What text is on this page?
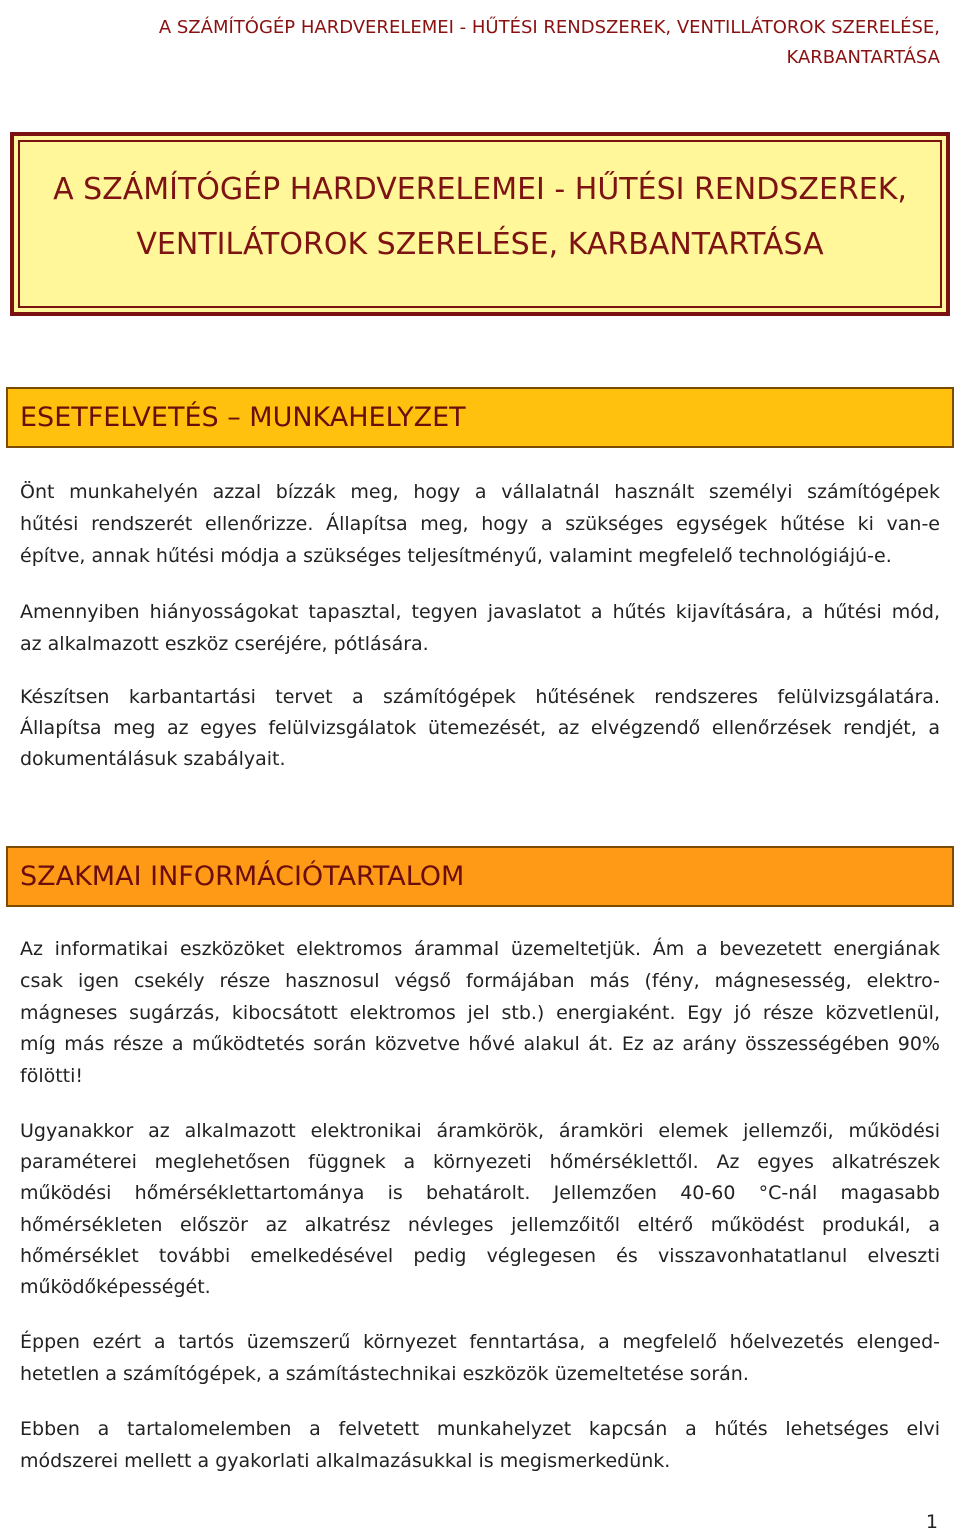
A SZÁMÍTÓGÉP HARDVERELEMEI - HŰTÉSI RENDSZEREK, VENTILLÁTOROK SZERELÉSE,
KARBANTARTÁSA
A SZÁMÍTÓGÉP HARDVERELEMEI - HŰTÉSI RENDSZEREK,
VENTILÁTOROK SZERELÉSE, KARBANTARTÁSA
ESETFELVETÉS – MUNKAHELYZET
Önt munkahelyén azzal bízzák meg, hogy a vállalatnál használt személyi számítógépek
hűtési rendszerét ellenőrizze. Állapítsa meg, hogy a szükséges egységek hűtése ki van-e
építve, annak hűtési módja a szükséges teljesítményű, valamint megfelelő technológiájú-e.
Amennyiben hiányosságokat tapasztal, tegyen javaslatot a hűtés kijavítására, a hűtési mód,
az alkalmazott eszköz cseréjére, pótlására.
Készítsen karbantartási tervet a számítógépek hűtésének rendszeres felülvizsgálatára.
Állapítsa meg az egyes felülvizsgálatok ütemezését, az elvégzendő ellenőrzések rendjét, a
dokumentálásuk szabályait.
SZAKMAI INFORMÁCIÓTARTALOM
Az informatikai eszközöket elektromos árammal üzemeltetjük. Ám a bevezetett energiának
csak igen csekély része hasznosul végső formájában más (fény, mágnesesség, elektro-
mágneses sugárzás, kibocsátott elektromos jel stb.) energiaként. Egy jó része közvetlenül,
míg más része a működtetés során közvetve hővé alakul át. Ez az arány összességében 90%
fölötti!
Ugyanakkor az alkalmazott elektronikai áramkörök, áramköri elemek jellemzői, működési
paraméterei meglehetősen függnek a környezeti hőmérséklettől. Az egyes alkatrészek
működési hőmérséklettartománya is behatárolt. Jellemzően 40-60 °C-nál magasabb
hőmérsékleten először az alkatrész névleges jellemzőitől eltérő működést produkál, a
hőmérséklet további emelkedésével pedig véglegesen és visszavonhatatlanul elveszti
működőképességét.
Éppen ezért a tartós üzemszerű környezet fenntartása, a megfelelő hőelvezetés elenged-
hetetlen a számítógépek, a számítástechnikai eszközök üzemeltetése során.
Ebben a tartalomelemben a felvetett munkahelyzet kapcsán a hűtés lehetséges elvi
módszerei mellett a gyakorlati alkalmazásukkal is megismerkedünk.
1
